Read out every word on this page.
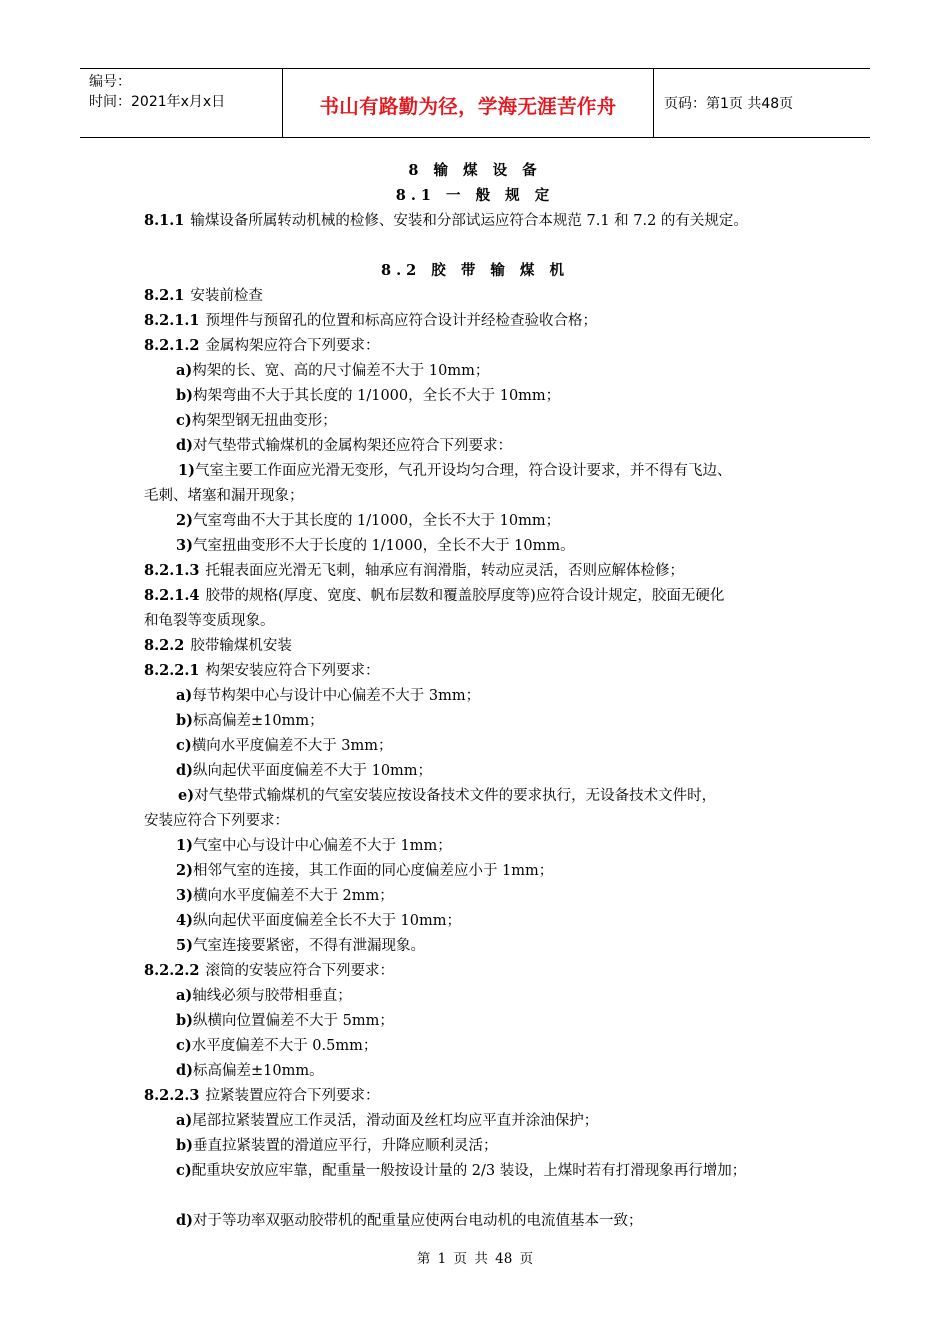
编号：
时间：2021年x月x日	书山有路勤为径，学海无涯苦作舟	页码：第1页 共48页
8 输 煤 设 备
8.1 一 般 规 定
8.1.1 输煤设备所属转动机械的检修、安装和分部试运应符合本规范 7.1 和 7.2 的有关规定。
8.2 胶 带 输 煤 机
8.2.1 安装前检查
8.2.1.1 预埋件与预留孔的位置和标高应符合设计并经检查验收合格；
8.2.1.2 金属构架应符合下列要求：
a)构架的长、宽、高的尺寸偏差不大于 10mm；
b)构架弯曲不大于其长度的 1/1000，全长不大于 10mm；
c)构架型钢无扭曲变形；
d)对气垫带式输煤机的金属构架还应符合下列要求：
1)气室主要工作面应光滑无变形，气孔开设均匀合理，符合设计要求，并不得有飞边、
毛刺、堵塞和漏开现象；
2)气室弯曲不大于其长度的 1/1000，全长不大于 10mm；
3)气室扭曲变形不大于长度的 1/1000，全长不大于 10mm。
8.2.1.3 托辊表面应光滑无飞刺，轴承应有润滑脂，转动应灵活，否则应解体检修；
8.2.1.4 胶带的规格(厚度、宽度、帆布层数和覆盖胶厚度等)应符合设计规定，胶面无硬化
和龟裂等变质现象。
8.2.2 胶带输煤机安装
8.2.2.1 构架安装应符合下列要求：
a)每节构架中心与设计中心偏差不大于 3mm；
b)标高偏差±10mm；
c)横向水平度偏差不大于 3mm；
d)纵向起伏平面度偏差不大于 10mm；
e)对气垫带式输煤机的气室安装应按设备技术文件的要求执行，无设备技术文件时，
安装应符合下列要求：
1)气室中心与设计中心偏差不大于 1mm；
2)相邻气室的连接，其工作面的同心度偏差应小于 1mm；
3)横向水平度偏差不大于 2mm；
4)纵向起伏平面度偏差全长不大于 10mm；
5)气室连接要紧密，不得有泄漏现象。
8.2.2.2 滚筒的安装应符合下列要求：
a)轴线必须与胶带相垂直；
b)纵横向位置偏差不大于 5mm；
c)水平度偏差不大于 0.5mm；
d)标高偏差±10mm。
8.2.2.3 拉紧装置应符合下列要求：
a)尾部拉紧装置应工作灵活，滑动面及丝杠均应平直并涂油保护；
b)垂直拉紧装置的滑道应平行，升降应顺利灵活；
c)配重块安放应牢靠，配重量一般按设计量的 2/3 装设，上煤时若有打滑现象再行增加；
d)对于等功率双驱动胶带机的配重量应使两台电动机的电流值基本一致；
第 1 页 共 48 页
